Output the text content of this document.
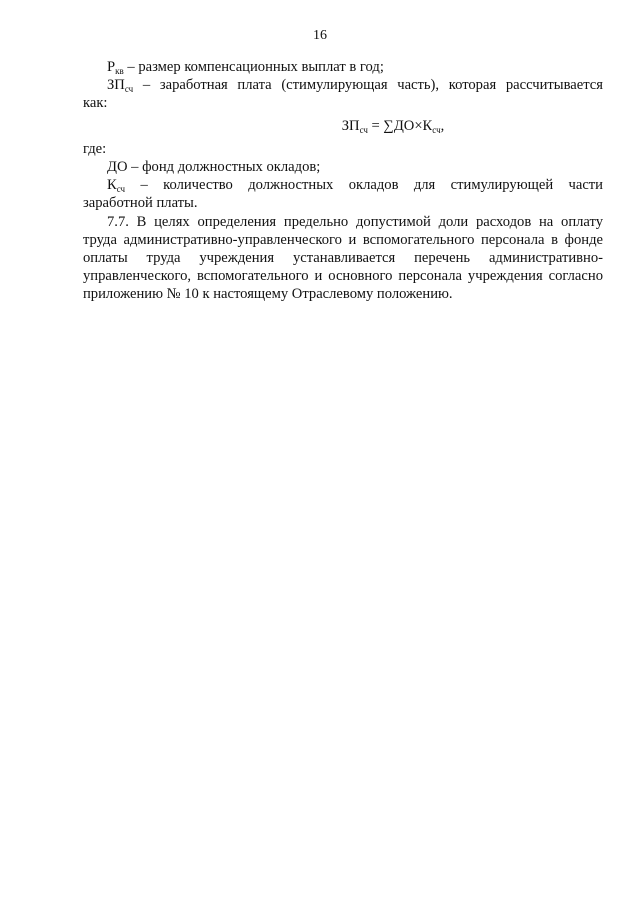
16

$Р_{кв}$ – размер компенсационных выплат в год;

$ЗП_{сч}$ – заработная плата (стимулирующая часть), которая рассчитывается

как:

$ЗП_{сч} = \sum ДО\times К_{сч}$,

где:

ДО – фонд должностных окладов;

$К_{сч}$ – количество должностных окладов для стимулирующей части

заработной платы.

7.7. В целях определения предельно допустимой доли расходов на оплату труда административно-управленческого и вспомогательного персонала в фонде оплаты труда учреждения устанавливается перечень административно-управленческого, вспомогательного и основного персонала учреждения согласно приложению № 10 к настоящему Отраслевому положению.
